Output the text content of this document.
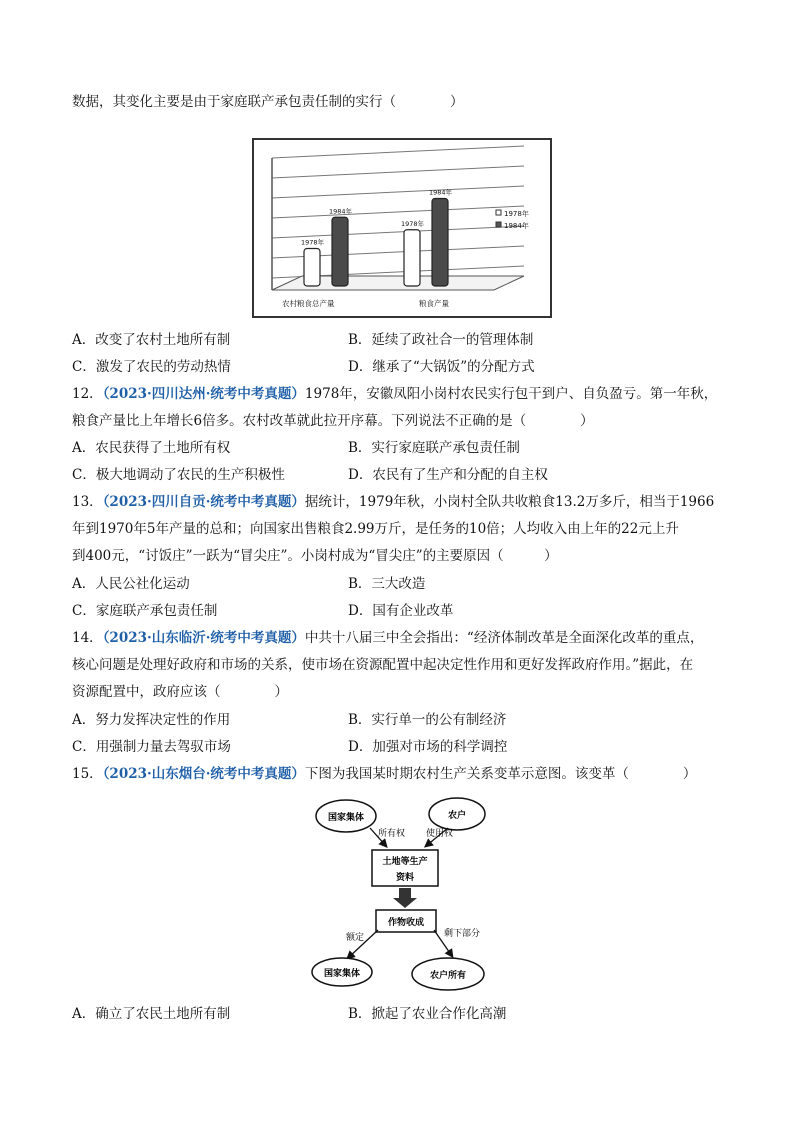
数据，其变化主要是由于家庭联产承包责任制的实行（　　　　）
1978年
1984年
1978年
1984年
农村粮食总产量	粮食产量
1978年
1984年
A．改变了农村土地所有制	B．延续了政社合一的管理体制
C．激发了农民的劳动热情	D．继承了“大锅饭”的分配方式
12．（2023·四川达州·统考中考真题）1978年，安徽凤阳小岗村农民实行包干到户、自负盈亏。第一年秋，
粮食产量比上年增长6倍多。农村改革就此拉开序幕。下列说法不正确的是（　　　　）
A．农民获得了土地所有权	B．实行家庭联产承包责任制
C．极大地调动了农民的生产积极性	D．农民有了生产和分配的自主权
13．（2023·四川自贡·统考中考真题）据统计，1979年秋，小岗村全队共收粮食13.2万多斤，相当于1966
年到1970年5年产量的总和；向国家出售粮食2.99万斤，是任务的10倍；人均收入由上年的22元上升
到400元，“讨饭庄”一跃为“冒尖庄”。小岗村成为“冒尖庄”的主要原因（　　　）
A．人民公社化运动	B．三大改造
C．家庭联产承包责任制	D．国有企业改革
14．（2023·山东临沂·统考中考真题）中共十八届三中全会指出：“经济体制改革是全面深化改革的重点，
核心问题是处理好政府和市场的关系，使市场在资源配置中起决定性作用和更好发挥政府作用。”据此，在
资源配置中，政府应该（　　　　）
A．努力发挥决定性的作用	B．实行单一的公有制经济
C．用强制力量去驾驭市场	D．加强对市场的科学调控
15．（2023·山东烟台·统考中考真题）下图为我国某时期农村生产关系变革示意图。该变革（　　　　）
国家集体	农户
所有权 使用权
土地等生产
资料
作物收成
额定	剩下部分
国家集体	农户所有
A．确立了农民土地所有制	B．掀起了农业合作化高潮
